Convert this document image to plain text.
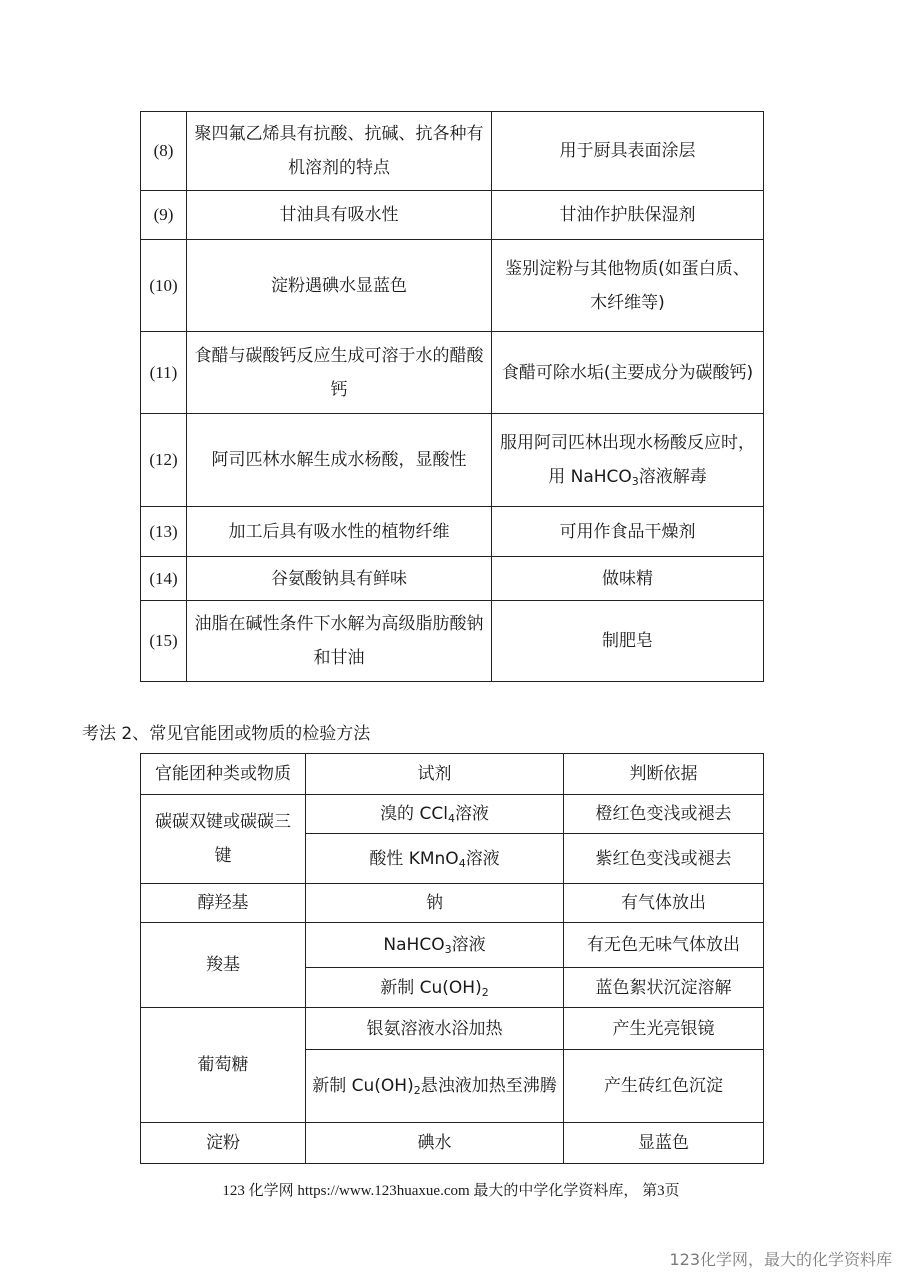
(8)	聚四氟乙烯具有抗酸、抗碱、抗各种有机溶剂的特点	用于厨具表面涂层
(9)	甘油具有吸水性	甘油作护肤保湿剂
(10)	淀粉遇碘水显蓝色	鉴别淀粉与其他物质(如蛋白质、木纤维等)
(11)	食醋与碳酸钙反应生成可溶于水的醋酸钙	食醋可除水垢(主要成分为碳酸钙)
(12)	阿司匹林水解生成水杨酸，显酸性	服用阿司匹林出现水杨酸反应时，用 NaHCO$_3$溶液解毒
(13)	加工后具有吸水性的植物纤维	可用作食品干燥剂
(14)	谷氨酸钠具有鲜味	做味精
(15)	油脂在碱性条件下水解为高级脂肪酸钠和甘油	制肥皂
考法 2、常见官能团或物质的检验方法
官能团种类或物质	试剂	判断依据
碳碳双键或碳碳三键	溴的 CCl$_4$溶液	橙红色变浅或褪去
	酸性 KMnO$_4$溶液	紫红色变浅或褪去
醇羟基	钠	有气体放出
羧基	NaHCO$_3$溶液	有无色无味气体放出
	新制 $Cu(OH)_2$	蓝色絮状沉淀溶解
葡萄糖	银氨溶液水浴加热	产生光亮银镜
	新制 $Cu(OH)_2$悬浊液加热至沸腾	产生砖红色沉淀
淀粉	碘水	显蓝色
123 化学网 https://www.123huaxue.com 最大的中学化学资料库， 第3页
123化学网，最大的化学资料库
